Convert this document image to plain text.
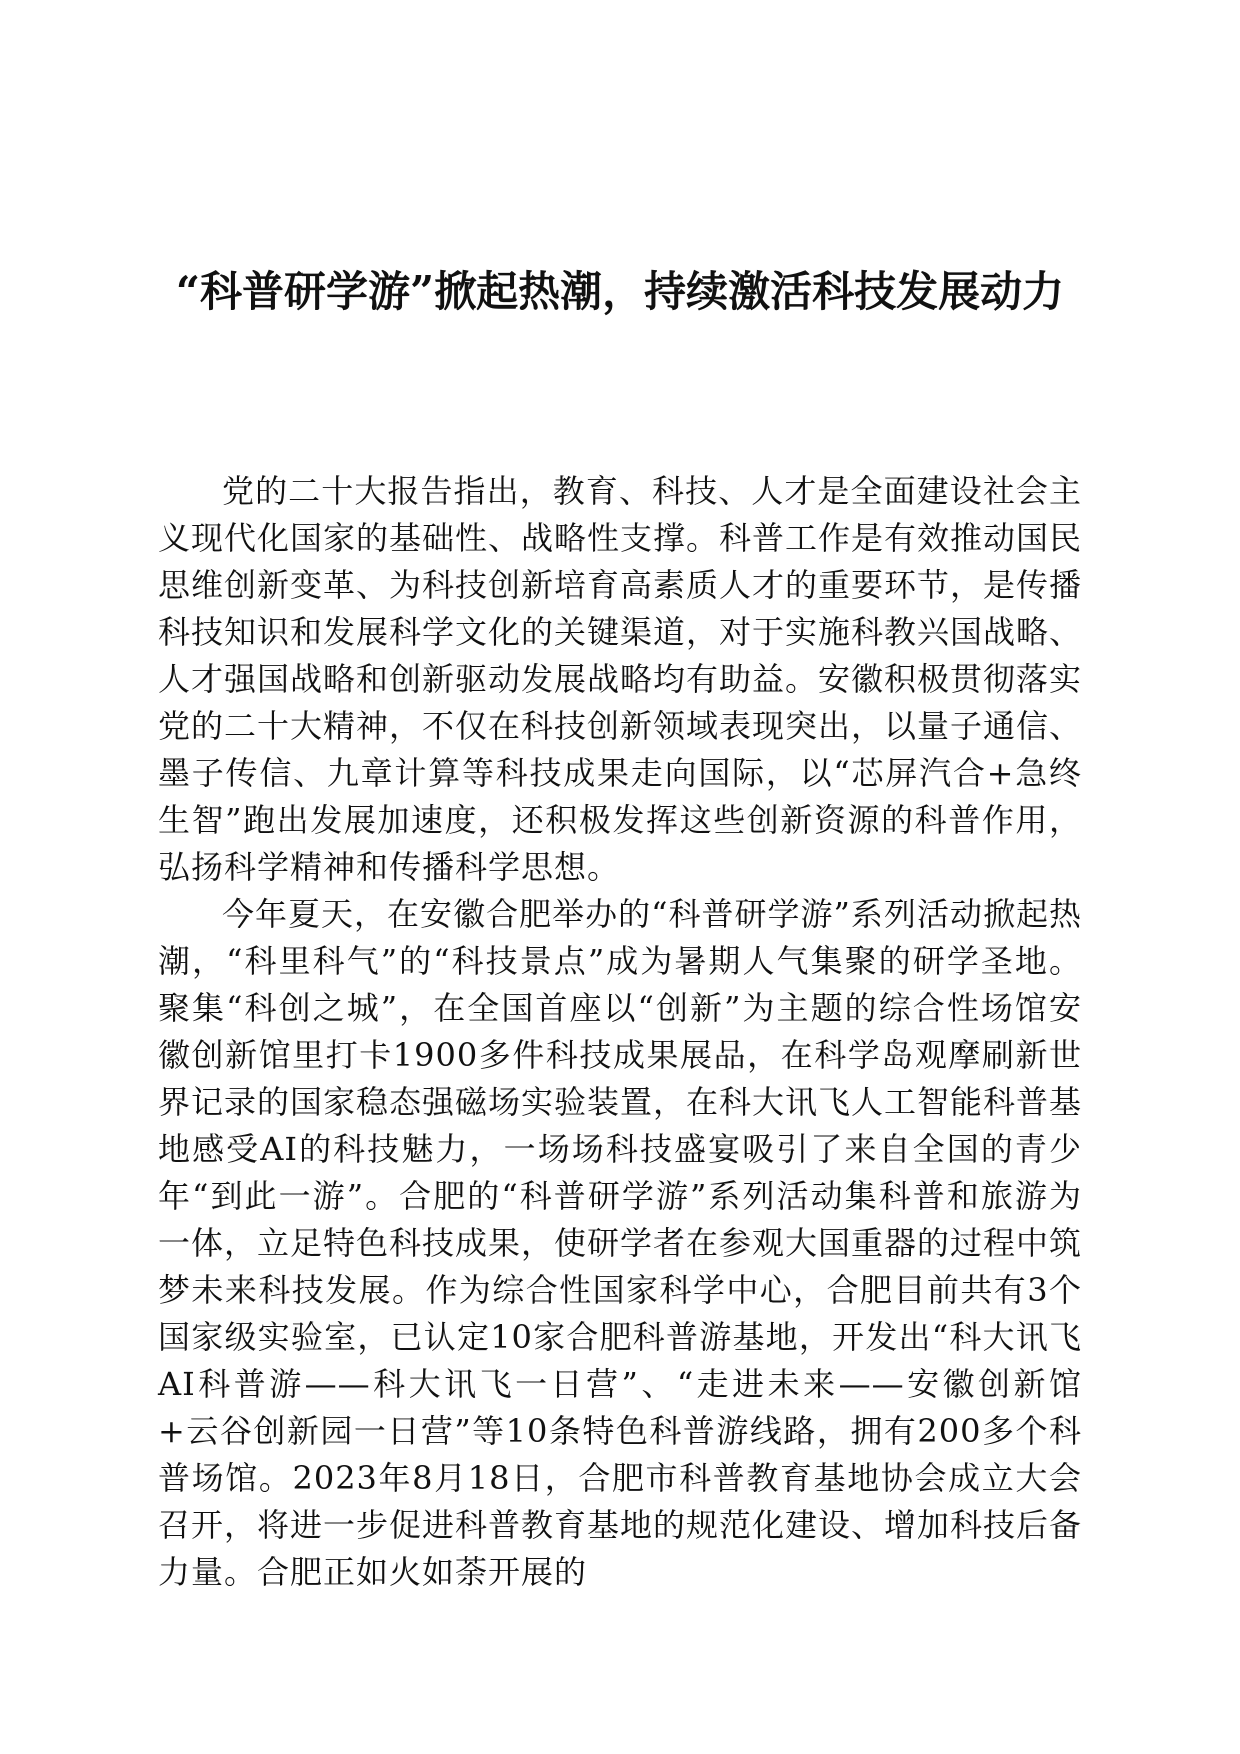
“科普研学游”掀起热潮，持续激活科技发展动力

党的二十大报告指出，教育、科技、人才是全面建设社会主义现代化国家的基础性、战略性支撑。科普工作是有效推动国民思维创新变革、为科技创新培育高素质人才的重要环节，是传播科技知识和发展科学文化的关键渠道，对于实施科教兴国战略、人才强国战略和创新驱动发展战略均有助益。安徽积极贯彻落实党的二十大精神，不仅在科技创新领域表现突出，以量子通信、墨子传信、九章计算等科技成果走向国际，以“芯屏汽合+急终生智”跑出发展加速度，还积极发挥这些创新资源的科普作用，弘扬科学精神和传播科学思想。

今年夏天，在安徽合肥举办的“科普研学游”系列活动掀起热潮，“科里科气”的“科技景点”成为暑期人气集聚的研学圣地。聚集“科创之城”，在全国首座以“创新”为主题的综合性场馆安徽创新馆里打卡1900多件科技成果展品，在科学岛观摩刷新世界记录的国家稳态强磁场实验装置，在科大讯飞人工智能科普基地感受AI的科技魅力，一场场科技盛宴吸引了来自全国的青少年“到此一游”。合肥的“科普研学游”系列活动集科普和旅游为一体，立足特色科技成果，使研学者在参观大国重器的过程中筑梦未来科技发展。作为综合性国家科学中心，合肥目前共有3个国家级实验室，已认定10家合肥科普游基地，开发出“科大讯飞AI科普游——科大讯飞一日营”、“走进未来——安徽创新馆+云谷创新园一日营”等10条特色科普游线路，拥有200多个科普场馆。2023年8月18日，合肥市科普教育基地协会成立大会召开，将进一步促进科普教育基地的规范化建设、增加科技后备力量。合肥正如火如荼开展的
